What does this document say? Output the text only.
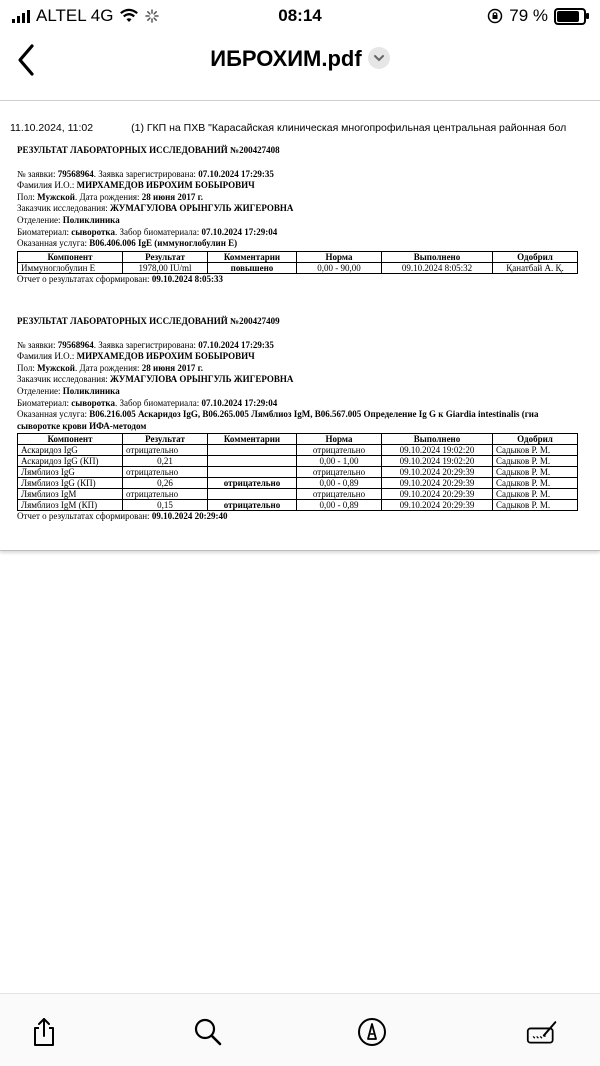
ALTEL 4G	08:14	79 %
ИБРОХИМ.pdf
11.10.2024, 11:02	(1) ГКП на ПХВ "Карасайская клиническая многопрофильная центральная районная бол
РЕЗУЛЬТАТ ЛАБОРАТОРНЫХ ИССЛЕДОВАНИЙ №200427408
№ заявки: 79568964. Заявка зарегистрирована: 07.10.2024 17:29:35
Фамилия И.О.: МИРХАМЕДОВ ИБРОХИМ БОБЫРОВИЧ
Пол: Мужской. Дата рождения: 28 июня 2017 г.
Заказчик исследования: ЖУМАГУЛОВА ОРЫНГУЛЬ ЖИГЕРОВНА
Отделение: Поликлиника
Биоматериал: сыворотка. Забор биоматериала: 07.10.2024 17:29:04
Оказанная услуга: B06.406.006 IgE (иммуноглобулин Е)
Компонент	Результат	Комментарии	Норма	Выполнено	Одобрил
Иммуноглобулин Е	1978,00 IU/ml	повышено	0,00 - 90,00	09.10.2024 8:05:32	Қанатбай А. Қ.
Отчет о результатах сформирован: 09.10.2024 8:05:33
РЕЗУЛЬТАТ ЛАБОРАТОРНЫХ ИССЛЕДОВАНИЙ №200427409
№ заявки: 79568964. Заявка зарегистрирована: 07.10.2024 17:29:35
Фамилия И.О.: МИРХАМЕДОВ ИБРОХИМ БОБЫРОВИЧ
Пол: Мужской. Дата рождения: 28 июня 2017 г.
Заказчик исследования: ЖУМАГУЛОВА ОРЫНГУЛЬ ЖИГЕРОВНА
Отделение: Поликлиника
Биоматериал: сыворотка. Забор биоматериала: 07.10.2024 17:29:04
Оказанная услуга: B06.216.005 Аскаридоз IgG, B06.265.005 Лямблиоз IgM, B06.567.005 Определение Ig G к Giardia intestinalis (гиа
сыворотке крови ИФА-методом
Компонент	Результат	Комментарии	Норма	Выполнено	Одобрил
Аскаридоз IgG	отрицательно		отрицательно	09.10.2024 19:02:20	Садыков Р. М.
Аскаридоз IgG (КП)	0,21		0,00 - 1,00	09.10.2024 19:02:20	Садыков Р. М.
Лямблиоз IgG	отрицательно		отрицательно	09.10.2024 20:29:39	Садыков Р. М.
Лямблиоз IgG (КП)	0,26	отрицательно	0,00 - 0,89	09.10.2024 20:29:39	Садыков Р. М.
Лямблиоз IgM	отрицательно		отрицательно	09.10.2024 20:29:39	Садыков Р. М.
Лямблиоз IgM (КП)	0,15	отрицательно	0,00 - 0,89	09.10.2024 20:29:39	Садыков Р. М.
Отчет о результатах сформирован: 09.10.2024 20:29:40
